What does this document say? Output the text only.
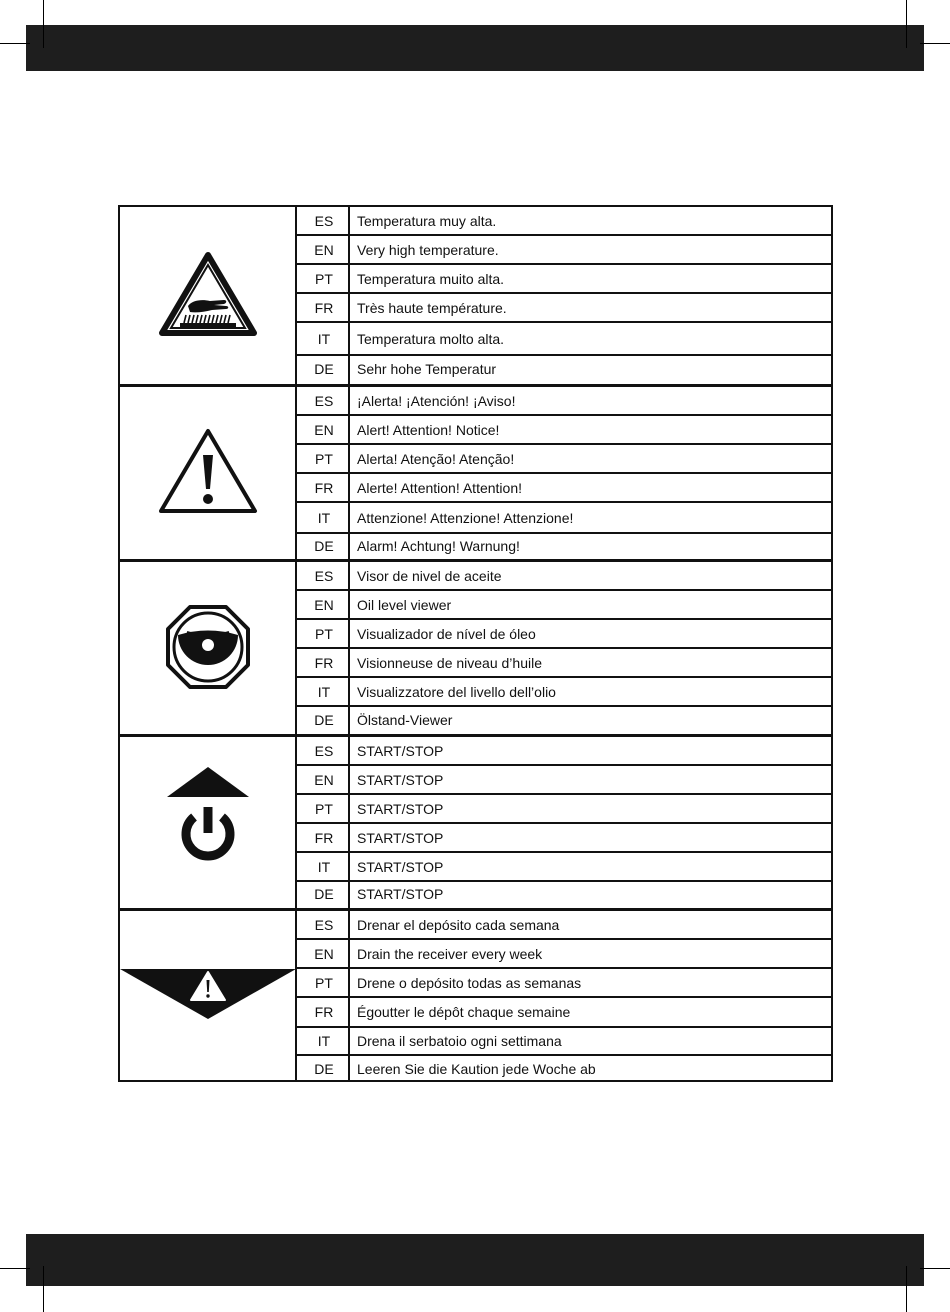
ES	Temperatura muy alta.
EN	Very high temperature.
PT	Temperatura muito alta.
FR	Très haute température.
IT	Temperatura molto alta.
DE	Sehr hohe Temperatur
ES	¡Alerta! ¡Atención! ¡Aviso!
EN	Alert! Attention! Notice!
PT	Alerta! Atenção! Atenção!
FR	Alerte! Attention! Attention!
IT	Attenzione! Attenzione! Attenzione!
DE	Alarm! Achtung! Warnung!
ES	Visor de nivel de aceite
EN	Oil level viewer
PT	Visualizador de nível de óleo
FR	Visionneuse de niveau d’huile
IT	Visualizzatore del livello dell’olio
DE	Ölstand-Viewer
ES	START/STOP
EN	START/STOP
PT	START/STOP
FR	START/STOP
IT	START/STOP
DE	START/STOP
ES	Drenar el depósito cada semana
EN	Drain the receiver every week
PT	Drene o depósito todas as semanas
FR	Égoutter le dépôt chaque semaine
IT	Drena il serbatoio ogni settimana
DE	Leeren Sie die Kaution jede Woche ab
